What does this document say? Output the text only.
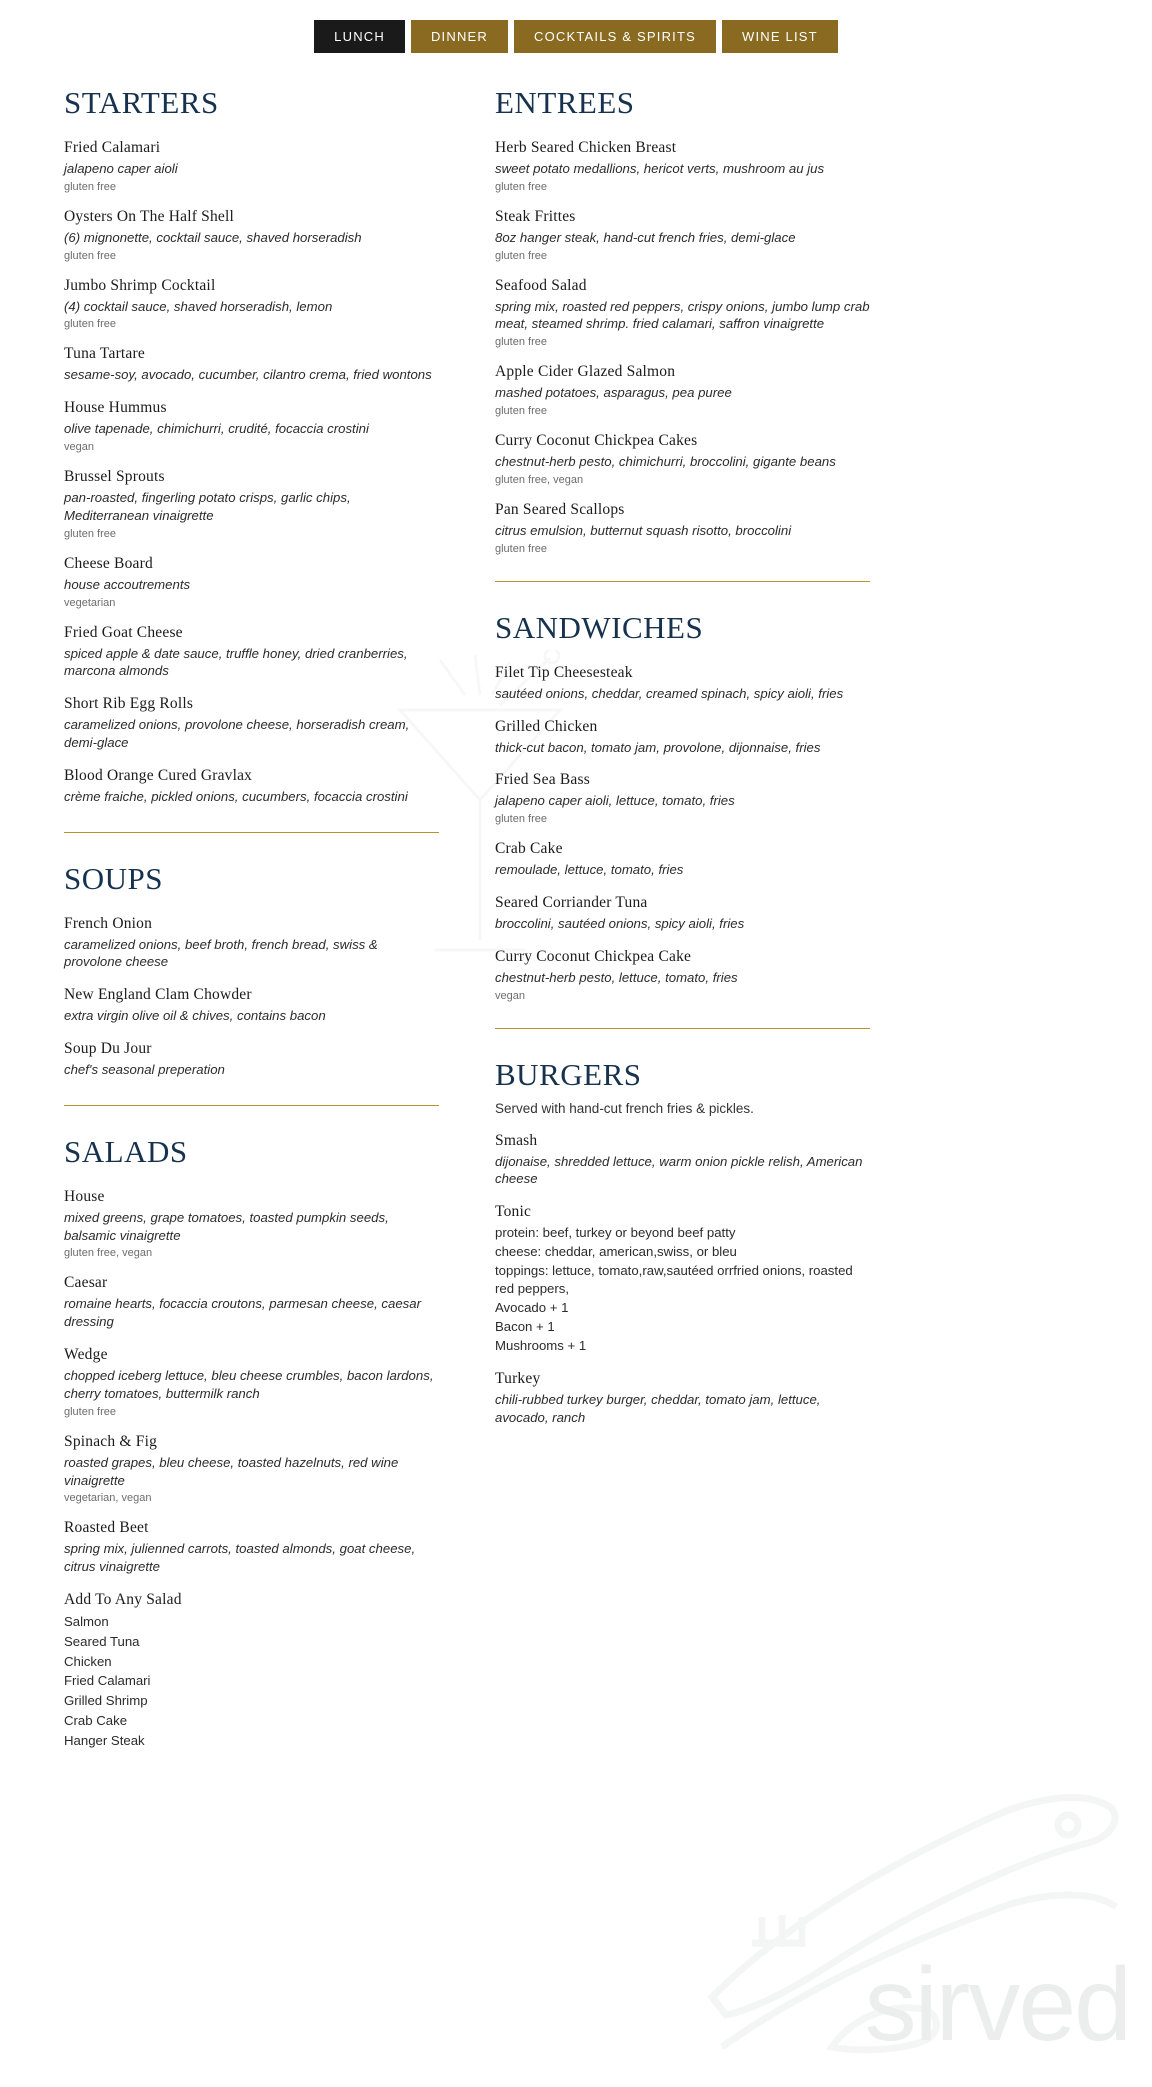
LUNCH	DINNER	COCKTAILS & SPIRITS	WINE LIST
sirved
STARTERS
Fried Calamari
jalapeno caper aioli
gluten free
Oysters On The Half Shell
(6) mignonette, cocktail sauce, shaved horseradish
gluten free
Jumbo Shrimp Cocktail
(4) cocktail sauce, shaved horseradish, lemon
gluten free
Tuna Tartare
sesame-soy, avocado, cucumber, cilantro crema, fried wontons
House Hummus
olive tapenade, chimichurri, crudité, focaccia crostini
vegan
Brussel Sprouts
pan-roasted, fingerling potato crisps, garlic chips, Mediterranean vinaigrette
gluten free
Cheese Board
house accoutrements
vegetarian
Fried Goat Cheese
spiced apple & date sauce, truffle honey, dried cranberries, marcona almonds
Short Rib Egg Rolls
caramelized onions, provolone cheese, horseradish cream, demi-glace
Blood Orange Cured Gravlax
crème fraiche, pickled onions, cucumbers, focaccia crostini
SOUPS
French Onion
caramelized onions, beef broth, french bread, swiss & provolone cheese
New England Clam Chowder
extra virgin olive oil & chives, contains bacon
Soup Du Jour
chef's seasonal preperation
SALADS
House
mixed greens, grape tomatoes, toasted pumpkin seeds, balsamic vinaigrette
gluten free, vegan
Caesar
romaine hearts, focaccia croutons, parmesan cheese, caesar dressing
Wedge
chopped iceberg lettuce, bleu cheese crumbles, bacon lardons, cherry tomatoes, buttermilk ranch
gluten free
Spinach & Fig
roasted grapes, bleu cheese, toasted hazelnuts, red wine vinaigrette
vegetarian, vegan
Roasted Beet
spring mix, julienned carrots, toasted almonds, goat cheese, citrus vinaigrette
Add To Any Salad
Salmon
Seared Tuna
Chicken
Fried Calamari
Grilled Shrimp
Crab Cake
Hanger Steak
ENTREES
Herb Seared Chicken Breast
sweet potato medallions, hericot verts, mushroom au jus
gluten free
Steak Frittes
8oz hanger steak, hand-cut french fries, demi-glace
gluten free
Seafood Salad
spring mix, roasted red peppers, crispy onions, jumbo lump crab meat, steamed shrimp. fried calamari, saffron vinaigrette
gluten free
Apple Cider Glazed Salmon
mashed potatoes, asparagus, pea puree
gluten free
Curry Coconut Chickpea Cakes
chestnut-herb pesto, chimichurri, broccolini, gigante beans
gluten free, vegan
Pan Seared Scallops
citrus emulsion, butternut squash risotto, broccolini
gluten free
SANDWICHES
Filet Tip Cheesesteak
sautéed onions, cheddar, creamed spinach, spicy aioli, fries
Grilled Chicken
thick-cut bacon, tomato jam, provolone, dijonnaise, fries
Fried Sea Bass
jalapeno caper aioli, lettuce, tomato, fries
gluten free
Crab Cake
remoulade, lettuce, tomato, fries
Seared Corriander Tuna
broccolini, sautéed onions, spicy aioli, fries
Curry Coconut Chickpea Cake
chestnut-herb pesto, lettuce, tomato, fries
vegan
BURGERS
Served with hand-cut french fries & pickles.
Smash
dijonaise, shredded lettuce, warm onion pickle relish, American cheese
Tonic
protein: beef, turkey or beyond beef patty
cheese: cheddar, american,swiss, or bleu
toppings: lettuce, tomato,raw,sautéed orrfried onions, roasted red peppers,
Avocado + 1
Bacon + 1
Mushrooms + 1
Turkey
chili-rubbed turkey burger, cheddar, tomato jam, lettuce, avocado, ranch
